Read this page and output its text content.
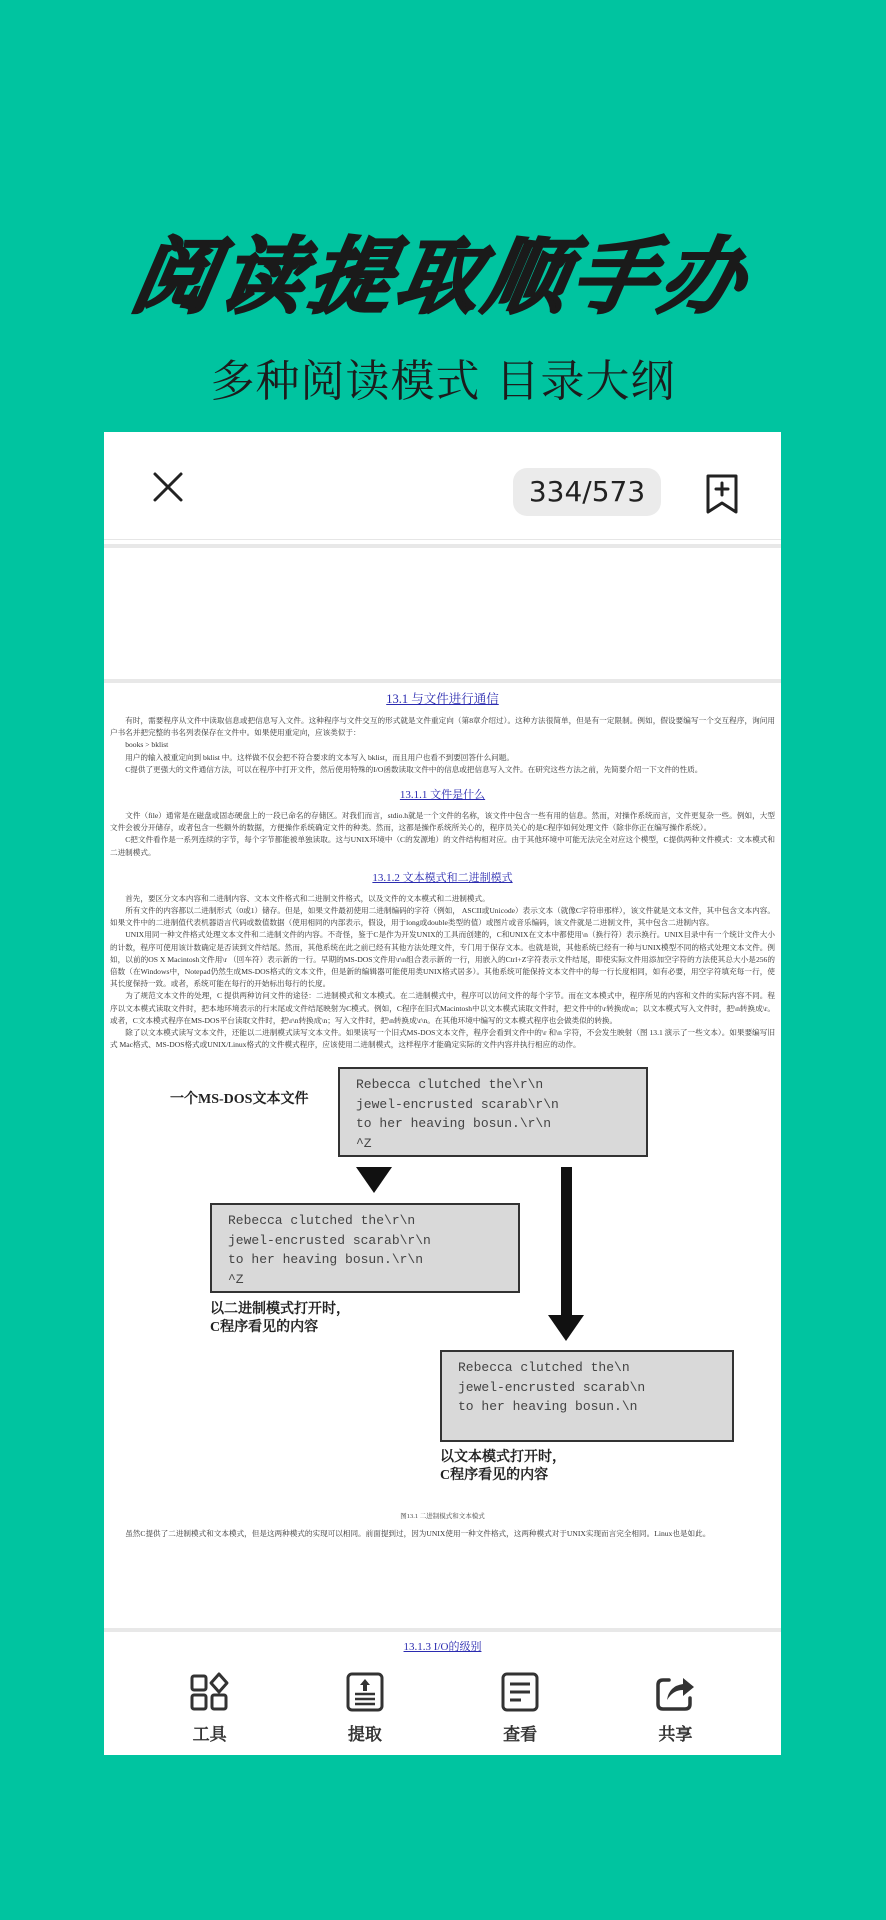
阅读提取顺手办
多种阅读模式 目录大纲
334/573
13.1 与文件进行通信

有时，需要程序从文件中读取信息或把信息写入文件。这种程序与文件交互的形式就是文件重定向（第8章介绍过）。这种方法很简单，但是有一定限制。例如，假设要编写一个交互程序，询问用户书名并把完整的书名列表保存在文件中。如果使用重定向，应该类似于：

books > bklist

用户的输入被重定向到 bklist 中。这样做不仅会把不符合要求的文本写入 bklist，而且用户也看不到要回答什么问题。

C提供了更强大的文件通信方法，可以在程序中打开文件，然后使用特殊的I/O函数读取文件中的信息或把信息写入文件。在研究这些方法之前，先简要介绍一下文件的性质。

13.1.1 文件是什么

文件（file）通常是在磁盘或固态硬盘上的一段已命名的存储区。对我们而言，stdio.h就是一个文件的名称，该文件中包含一些有用的信息。然而，对操作系统而言，文件更复杂一些。例如，大型文件会被分开储存，或者包含一些额外的数据，方便操作系统确定文件的种类。然而，这都是操作系统所关心的，程序员关心的是C程序如何处理文件（除非你正在编写操作系统）。

C把文件看作是一系列连续的字节，每个字节都能被单独读取。这与UNIX环境中（C的发源地）的文件结构相对应。由于其他环境中可能无法完全对应这个模型，C提供两种文件模式：文本模式和二进制模式。

13.1.2 文本模式和二进制模式

首先，要区分文本内容和二进制内容、文本文件格式和二进制文件格式，以及文件的文本模式和二进制模式。

所有文件的内容都以二进制形式（0或1）储存。但是，如果文件最初使用二进制编码的字符（例如， ASCII或Unicode）表示文本（就像C字符串那样），该文件就是文本文件，其中包含文本内容。如果文件中的二进制值代表机器语言代码或数值数据（使用相同的内部表示，假设，用于long或double类型的值）或图片或音乐编码，该文件就是二进制文件，其中包含二进制内容。

UNIX用同一种文件格式处理文本文件和二进制文件的内容。不奇怪，鉴于C是作为开发UNIX的工具而创建的，C和UNIX在文本中都使用\n（换行符）表示换行。UNIX目录中有一个统计文件大小的计数，程序可使用该计数确定是否读到文件结尾。然而，其他系统在此之前已经有其他方法处理文件，专门用于保存文本。也就是说，其他系统已经有一种与UNIX模型不同的格式处理文本文件。例如，以前的OS X Macintosh文件用\r （回车符）表示新的一行。早期的MS-DOS文件用\r\n组合表示新的一行，用嵌入的Ctrl+Z字符表示文件结尾，即使实际文件用添加空字符的方法使其总大小是256的倍数（在Windows中，Notepad仍然生成MS-DOS格式的文本文件，但是新的编辑器可能使用类UNIX格式居多）。其他系统可能保持文本文件中的每一行长度相同，如有必要，用空字符填充每一行，使其长度保持一致。或者，系统可能在每行的开始标出每行的长度。

为了规范文本文件的处理，C 提供两种访问文件的途径：二进制模式和文本模式。在二进制模式中，程序可以访问文件的每个字节。而在文本模式中，程序所见的内容和文件的实际内容不同。程序以文本模式读取文件时，把本地环境表示的行末尾或文件结尾映射为C模式。例如，C程序在旧式Macintosh中以文本模式读取文件时，把文件中的\r转换成\n；以文本模式写入文件时，把\n转换成\r。或者，C文本模式程序在MS-DOS平台读取文件时，把\r\n转换成\n；写入文件时，把\n转换成\r\n。在其他环境中编写的文本模式程序也会做类似的转换。

除了以文本模式读写文本文件，还能以二进制模式读写文本文件。如果读写一个旧式MS-DOS文本文件，程序会看到文件中的\r 和\n 字符，不会发生映射（图 13.1 演示了一些文本）。如果要编写旧式 Mac格式、MS-DOS格式或UNIX/Linux格式的文件模式程序，应该使用二进制模式，这样程序才能确定实际的文件内容并执行相应的动作。

一个MS-DOS文本文件
Rebecca clutched the\r\n
jewel-encrusted scarab\r\n
to her heaving bosun.\r\n
^Z
Rebecca clutched the\r\n
jewel-encrusted scarab\r\n
to her heaving bosun.\r\n
^Z
以二进制模式打开时，
C程序看见的内容
Rebecca clutched the\n
jewel-encrusted scarab\n
to her heaving bosun.\n
以文本模式打开时，
C程序看见的内容
图13.1 二进制模式和文本模式

虽然C提供了二进制模式和文本模式，但是这两种模式的实现可以相同。前面提到过，因为UNIX使用一种文件格式，这两种模式对于UNIX实现而言完全相同。Linux也是如此。

13.1.3 I/O的级别
工具	提取	查看	共享
